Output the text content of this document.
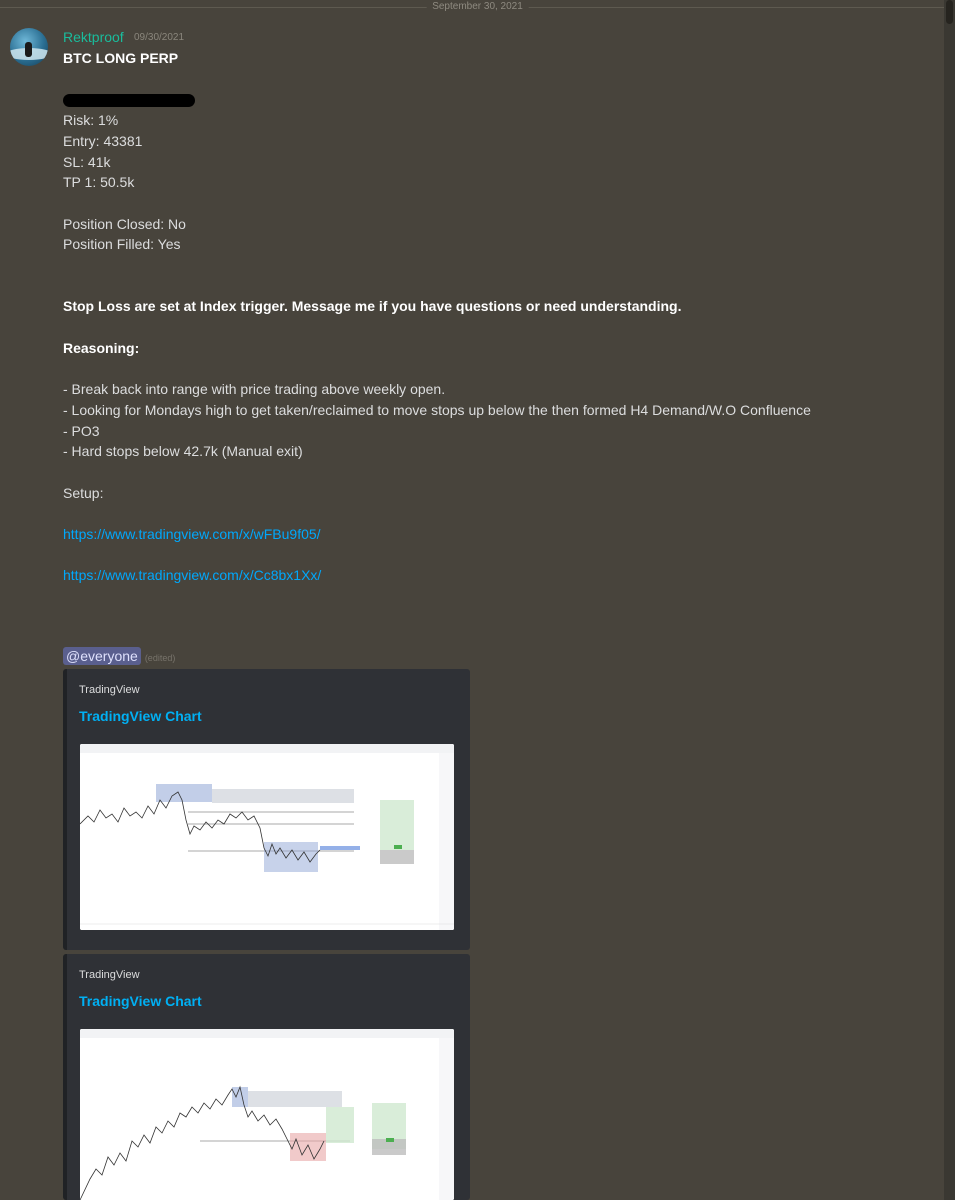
September 30, 2021
Rektproof 09/30/2021

BTC LONG PERP

Risk: 1%

Entry: 43381

SL: 41k

TP 1: 50.5k

Position Closed: No

Position Filled: Yes

Stop Loss are set at Index trigger. Message me if you have questions or need understanding.

Reasoning:

- Break back into range with price trading above weekly open.

- Looking for Mondays high to get taken/reclaimed to move stops up below the then formed H4 Demand/W.O Confluence

- PO3

- Hard stops below 42.7k (Manual exit)

Setup:

https://www.tradingview.com/x/wFBu9f05/

https://www.tradingview.com/x/Cc8bx1Xx/

@everyone (edited)
TradingView
TradingView Chart
TradingView
TradingView Chart
